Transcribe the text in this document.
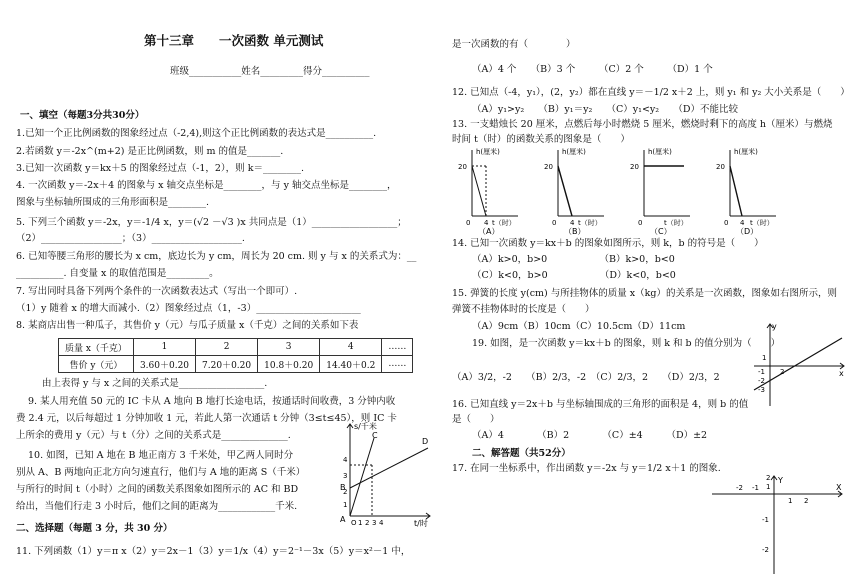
第十三章　　一次函数 单元测试
班级___________姓名_________得分__________
一、填空（每题3分共30分）
1.已知一个正比例函数的图象经过点（-2,4),则这个正比例函数的表达式是__________.
2.若函数 y＝-2x^(m+2) 是正比例函数，则 m 的值是_______.
3.已知一次函数 y＝kx＋5 的图象经过点（-1，2），则 k＝________.
4. 一次函数 y＝-2x＋4 的图象与 x 轴交点坐标是________，与 y 轴交点坐标是________，
图象与坐标轴所围成的三角形面积是________.
5. 下列三个函数 y＝-2x，y＝-1/4 x，y＝(√2 －√3 )x 共同点是（1）__________________；
（2）_________________；（3）___________________.
6. 已知等腰三角形的腰长为 x cm，底边长为 y cm，周长为 20 cm. 则 y 与 x 的关系式为：__
__________. 自变量 x 的取值范围是_________。
7. 写出同时具备下列两个条件的一次函数表达式（写出一个即可）.
（1）y 随着 x 的增大而减小.（2）图象经过点（1，-3）______________________
8. 某商店出售一种瓜子，其售价 y（元）与瓜子质量 x（千克）之间的关系如下表
质量 x（千克）	1	2	3	4	……
售价 y（元）	3.60＋0.20	7.20＋0.20	10.8＋0.20	14.40＋0.2	……
由上表得 y 与 x 之间的关系式是__________________.
9. 某人用充值 50 元的 IC 卡从 A 地向 B 地打长途电话，按通话时间收费，3 分钟内收
费 2.4 元，以后每超过 1 分钟加收 1 元，若此人第一次通话 t 分钟（3≤t≤45），则 IC 卡
上所余的费用 y（元）与 t（分）之间的关系式是______________.
10. 如图，已知 A 地在 B 地正南方 3 千米处，甲乙两人同时分
别从 A、B 两地向正北方向匀速直行，他们与 A 地的距离 S（千米）
与所行的时间 t（小时）之间的函数关系图象如图所示的 AC 和 BD
给出，当他们行走 3 小时后，他们之间的距离为____________千米.
二、选择题（每题 3 分，共 30 分）
11. 下列函数（1）y＝π x（2）y＝2x－1（3）y＝1/x（4）y＝2⁻¹－3x（5）y＝x²－1 中，
s/千米
t/时
C
D
A
B
O
4
3
2
1
1 2 3 4
是一次函数的有（　　　　）
（A）4 个　　（B）3 个　　　（C）2 个　　　（D）1 个
12. 已知点（-4，y₁），(2，y₂）都在直线 y＝－1/2 x＋2 上，则 y₁ 和 y₂ 大小关系是（　　）
（A）y₁>y₂　　（B）y₁＝y₂　　（C）y₁<y₂　　（D）不能比较
13. 一支蜡烛长 20 厘米，点燃后每小时燃烧 5 厘米，燃烧时剩下的高度 h（厘米）与燃烧
时间 t（时）的函数关系的图象是（　　）
h(厘米)
20
0 4 t（时）
（A）
h(厘米)
20
0 4 t（时）
（B）
h(厘米)
20
0	t（时）
（C）
h(厘米)
20
0 4 t（时）
（D）
14. 已知一次函数 y＝kx＋b 的图象如图所示，则 k，b 的符号是（　　）
（A）k>0，b>0　　　　　　（B）k>0，b<0
（C）k<0，b>0　　　　　　（D）k<0，b<0
15. 弹簧的长度 y(cm) 与所挂物体的质量 x（kg）的关系是一次函数，图象如右图所示，则
弹簧不挂物体时的长度是（　　）
（A）9cm（B）10cm（C）10.5cm（D）11cm
19. 如图，是一次函数 y＝kx＋b 的图象，则 k 和 b 的值分别为（　　）
（A）3/2，-2　　（B）2/3，-2　（C）2/3，2　　（D）2/3，2
16. 已知直线 y＝2x＋b 与坐标轴围成的三角形的面积是 4，则 b 的值
是（　　）
（A）4　　　　（B）2　　　　（C）±4　　　（D）±2
二、解答题（共52分）
17. 在同一坐标系中，作出函数 y＝-2x 与 y＝1/2 x＋1 的图象.
y
x
1
-1
-2
-3
2
Y
X
-2 -1
1 2
2
1
-1
-2
